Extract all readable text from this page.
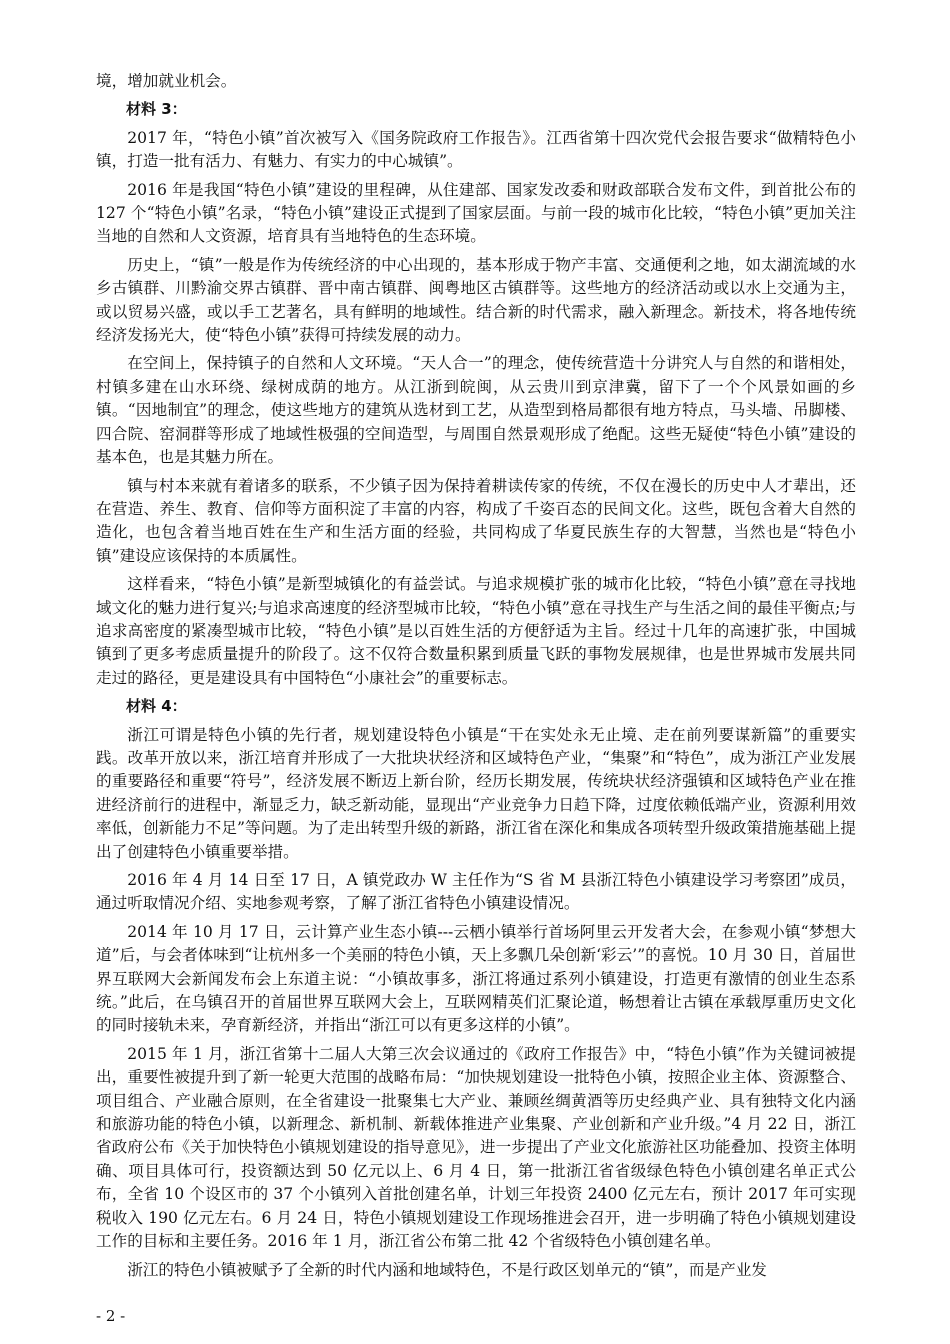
境，增加就业机会。

材料 3：

2017 年，“特色小镇”首次被写入《国务院政府工作报告》。江西省第十四次党代会报告要求“做精特色小镇，打造一批有活力、有魅力、有实力的中心城镇”。

2016 年是我国“特色小镇”建设的里程碑，从住建部、国家发改委和财政部联合发布文件，到首批公布的 127 个“特色小镇”名录，“特色小镇”建设正式提到了国家层面。与前一段的城市化比较，“特色小镇”更加关注当地的自然和人文资源，培育具有当地特色的生态环境。

历史上，“镇”一般是作为传统经济的中心出现的，基本形成于物产丰富、交通便利之地，如太湖流域的水乡古镇群、川黔渝交界古镇群、晋中南古镇群、闽粤地区古镇群等。这些地方的经济活动或以水上交通为主，或以贸易兴盛，或以手工艺著名，具有鲜明的地域性。结合新的时代需求，融入新理念。新技术，将各地传统经济发扬光大，使“特色小镇”获得可持续发展的动力。

在空间上，保持镇子的自然和人文环境。“天人合一”的理念，使传统营造十分讲究人与自然的和谐相处，村镇多建在山水环绕、绿树成荫的地方。从江浙到皖闽，从云贵川到京津冀，留下了一个个风景如画的乡镇。“因地制宜”的理念，使这些地方的建筑从选材到工艺，从造型到格局都很有地方特点，马头墙、吊脚楼、四合院、窑洞群等形成了地域性极强的空间造型，与周围自然景观形成了绝配。这些无疑使“特色小镇”建设的基本色，也是其魅力所在。

镇与村本来就有着诸多的联系，不少镇子因为保持着耕读传家的传统，不仅在漫长的历史中人才辈出，还在营造、养生、教育、信仰等方面积淀了丰富的内容，构成了千姿百态的民间文化。这些，既包含着大自然的造化，也包含着当地百姓在生产和生活方面的经验，共同构成了华夏民族生存的大智慧，当然也是“特色小镇”建设应该保持的本质属性。

这样看来，“特色小镇”是新型城镇化的有益尝试。与追求规模扩张的城市化比较，“特色小镇”意在寻找地域文化的魅力进行复兴;与追求高速度的经济型城市比较，“特色小镇”意在寻找生产与生活之间的最佳平衡点;与追求高密度的紧凑型城市比较，“特色小镇”是以百姓生活的方便舒适为主旨。经过十几年的高速扩张，中国城镇到了更多考虑质量提升的阶段了。这不仅符合数量积累到质量飞跃的事物发展规律，也是世界城市发展共同走过的路径，更是建设具有中国特色“小康社会”的重要标志。

材料 4：

浙江可谓是特色小镇的先行者，规划建设特色小镇是“干在实处永无止境、走在前列要谋新篇”的重要实践。改革开放以来，浙江培育并形成了一大批块状经济和区域特色产业，“集聚”和“特色”，成为浙江产业发展的重要路径和重要“符号”，经济发展不断迈上新台阶，经历长期发展，传统块状经济强镇和区域特色产业在推进经济前行的进程中，渐显乏力，缺乏新动能，显现出“产业竞争力日趋下降，过度依赖低端产业，资源利用效率低，创新能力不足”等问题。为了走出转型升级的新路，浙江省在深化和集成各项转型升级政策措施基础上提出了创建特色小镇重要举措。

2016 年 4 月 14 日至 17 日，A 镇党政办 W 主任作为“S 省 M 县浙江特色小镇建设学习考察团”成员，通过听取情况介绍、实地参观考察，了解了浙江省特色小镇建设情况。

2014 年 10 月 17 日，云计算产业生态小镇---云栖小镇举行首场阿里云开发者大会，在参观小镇“梦想大道”后，与会者体味到“让杭州多一个美丽的特色小镇，天上多飘几朵创新‘彩云’”的喜悦。10 月 30 日，首届世界互联网大会新闻发布会上东道主说：“小镇故事多，浙江将通过系列小镇建设，打造更有激情的创业生态系统。”此后，在乌镇召开的首届世界互联网大会上，互联网精英们汇聚论道，畅想着让古镇在承载厚重历史文化的同时接轨未来，孕育新经济，并指出“浙江可以有更多这样的小镇”。

2015 年 1 月，浙江省第十二届人大第三次会议通过的《政府工作报告》中，“特色小镇”作为关键词被提出，重要性被提升到了新一轮更大范围的战略布局：“加快规划建设一批特色小镇，按照企业主体、资源整合、项目组合、产业融合原则，在全省建设一批聚集七大产业、兼顾丝绸黄酒等历史经典产业、具有独特文化内涵和旅游功能的特色小镇，以新理念、新机制、新载体推进产业集聚、产业创新和产业升级。”4 月 22 日，浙江省政府公布《关于加快特色小镇规划建设的指导意见》，进一步提出了产业文化旅游社区功能叠加、投资主体明确、项目具体可行，投资额达到 50 亿元以上、6 月 4 日，第一批浙江省省级绿色特色小镇创建名单正式公布，全省 10 个设区市的 37 个小镇列入首批创建名单，计划三年投资 2400 亿元左右，预计 2017 年可实现税收入 190 亿元左右。6 月 24 日，特色小镇规划建设工作现场推进会召开，进一步明确了特色小镇规划建设工作的目标和主要任务。2016 年 1 月，浙江省公布第二批 42 个省级特色小镇创建名单。

浙江的特色小镇被赋予了全新的时代内涵和地域特色，不是行政区划单元的“镇”，而是产业发

- 2 -
